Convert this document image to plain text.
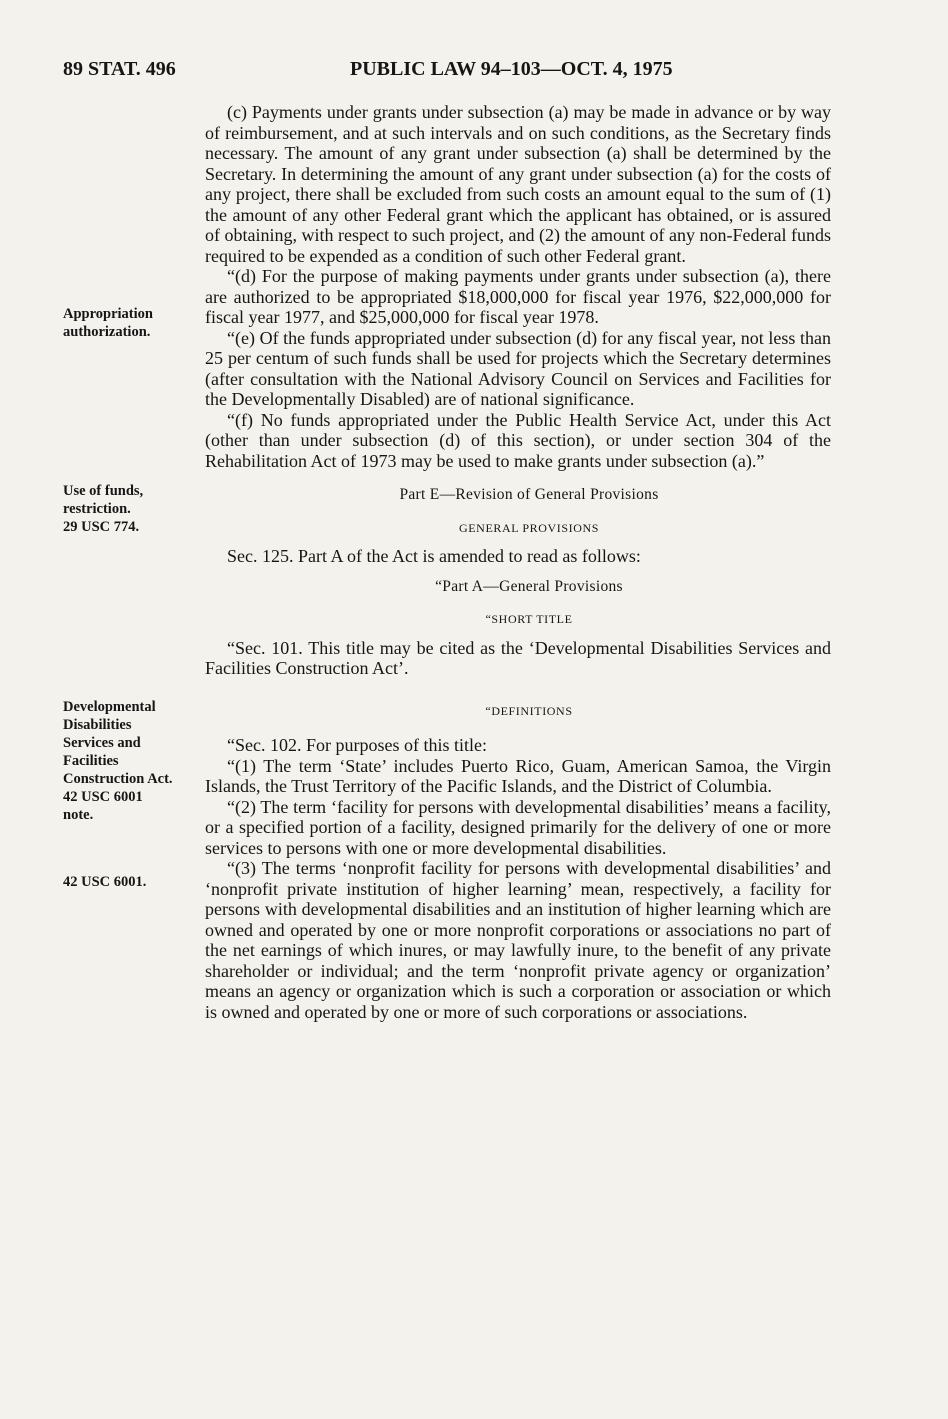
89 STAT. 496	PUBLIC LAW 94–103—OCT. 4, 1975
Appropriation
authorization.
Use of funds,
restriction.
29 USC 774.
Developmental
Disabilities
Services and
Facilities
Construction Act.
42 USC 6001
note.
42 USC 6001.

(c) Payments under grants under subsection (a) may be made in advance or by way of reimbursement, and at such intervals and on such conditions, as the Secretary finds necessary. The amount of any grant under subsection (a) shall be determined by the Secretary. In determining the amount of any grant under subsection (a) for the costs of any project, there shall be excluded from such costs an amount equal to the sum of (1) the amount of any other Federal grant which the applicant has obtained, or is assured of obtaining, with respect to such project, and (2) the amount of any non-Federal funds required to be expended as a condition of such other Federal grant.

“(d) For the purpose of making payments under grants under subsection (a), there are authorized to be appropriated $18,000,000 for fiscal year 1976, $22,000,000 for fiscal year 1977, and $25,000,000 for fiscal year 1978.

“(e) Of the funds appropriated under subsection (d) for any fiscal year, not less than 25 per centum of such funds shall be used for projects which the Secretary determines (after consultation with the National Advisory Council on Services and Facilities for the Developmentally Disabled) are of national significance.

“(f) No funds appropriated under the Public Health Service Act, under this Act (other than under subsection (d) of this section), or under section 304 of the Rehabilitation Act of 1973 may be used to make grants under subsection (a).”

Part E—Revision of General Provisions

GENERAL PROVISIONS

Sec. 125. Part A of the Act is amended to read as follows:

“Part A—General Provisions

“SHORT TITLE

“Sec. 101. This title may be cited as the ‘Developmental Disabilities Services and Facilities Construction Act’.

“DEFINITIONS

“Sec. 102. For purposes of this title:

“(1) The term ‘State’ includes Puerto Rico, Guam, American Samoa, the Virgin Islands, the Trust Territory of the Pacific Islands, and the District of Columbia.

“(2) The term ‘facility for persons with developmental disabilities’ means a facility, or a specified portion of a facility, designed primarily for the delivery of one or more services to persons with one or more developmental disabilities.

“(3) The terms ‘nonprofit facility for persons with developmental disabilities’ and ‘nonprofit private institution of higher learning’ mean, respectively, a facility for persons with developmental disabilities and an institution of higher learning which are owned and operated by one or more nonprofit corporations or associations no part of the net earnings of which inures, or may lawfully inure, to the benefit of any private shareholder or individual; and the term ‘nonprofit private agency or organization’ means an agency or organization which is such a corporation or association or which is owned and operated by one or more of such corporations or associations.
